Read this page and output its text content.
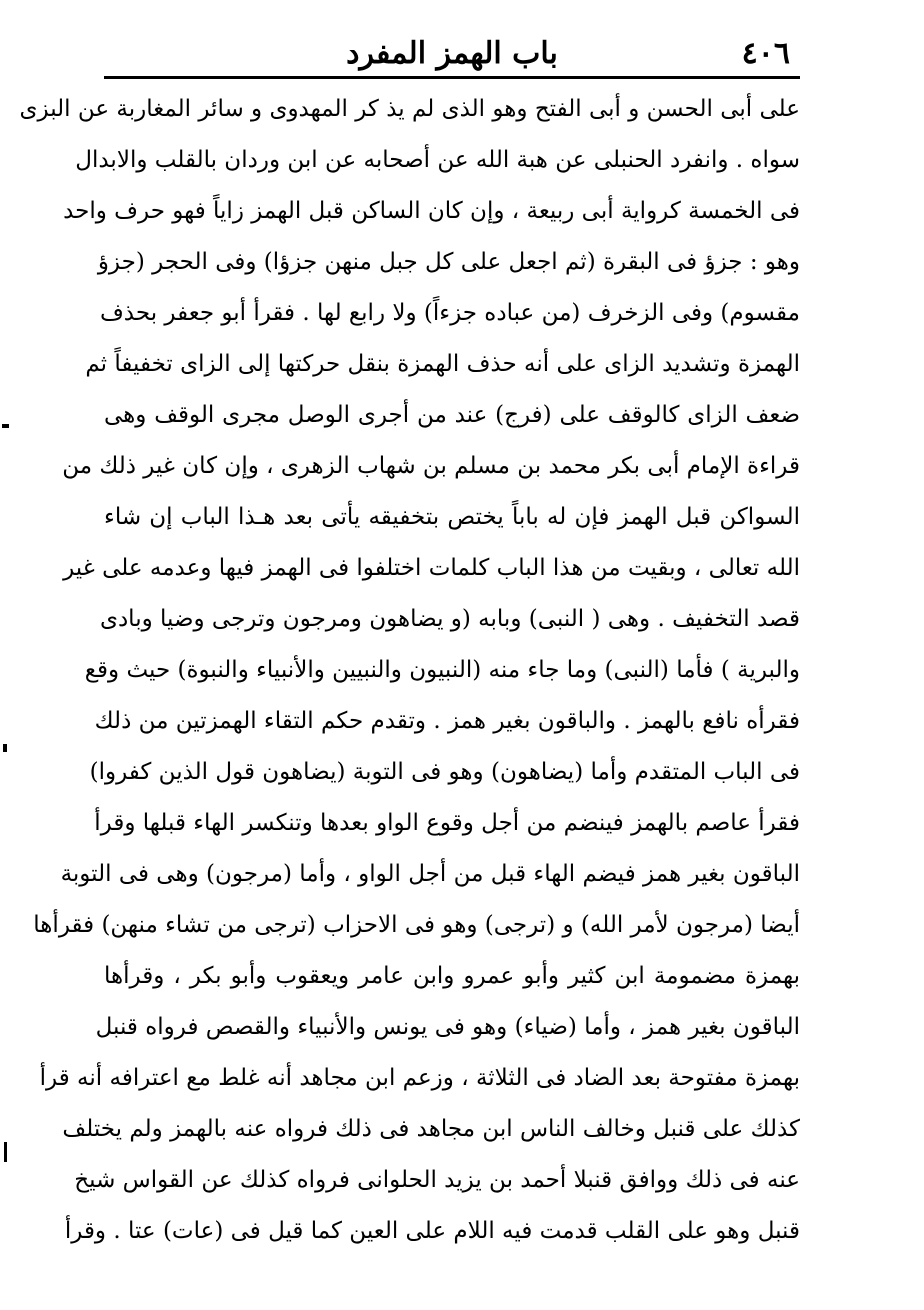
٤٠٦
باب الهمز المفرد
على أبى الحسن و أبى الفتح وهو الذى لم يذ كر المهدوى و سائر المغاربة عن البزى
سواه . وانفرد الحنبلى عن هبة الله عن أصحابه عن ابن وردان بالقلب والابدال
فى الخمسة كرواية أبى ربيعة ، وإن كان الساكن قبل الهمز زاياً فهو حرف واحد
وهو : جزؤ فى البقرة (ثم اجعل على كل جبل منهن جزؤا) وفى الحجر (جزؤ
مقسوم) وفى الزخرف (من عباده جزءاً) ولا رابع لها . فقرأ أبو جعفر بحذف
الهمزة وتشديد الزاى على أنه حذف الهمزة بنقل حركتها إلى الزاى تخفيفاً ثم
ضعف الزاى كالوقف على (فرج) عند من أجرى الوصل مجرى الوقف وهى
قراءة الإمام أبى بكر محمد بن مسلم بن شهاب الزهرى ، وإن كان غير ذلك من
السواكن قبل الهمز فإن له باباً يختص بتخفيقه يأتى بعد هـذا الباب إن شاء
الله تعالى ، وبقيت من هذا الباب كلمات اختلفوا فى الهمز فيها وعدمه على غير
قصد التخفيف . وهى ( النبى) وبابه (و يضاهون ومرجون وترجى وضيا وبادى
والبرية ) فأما (النبى) وما جاء منه (النبيون والنبيين والأنبياء والنبوة) حيث وقع
فقرأه نافع بالهمز . والباقون بغير همز . وتقدم حكم التقاء الهمزتين من ذلك
فى الباب المتقدم وأما (يضاهون) وهو فى التوبة (يضاهون قول الذين كفروا)
فقرأ عاصم بالهمز فينضم من أجل وقوع الواو بعدها وتنكسر الهاء قبلها وقرأ
الباقون بغير همز فيضم الهاء قبل من أجل الواو ، وأما (مرجون) وهى فى التوبة
أيضا (مرجون لأمر الله) و (ترجى) وهو فى الاحزاب (ترجى من تشاء منهن) فقرأها
بهمزة مضمومة ابن كثير وأبو عمرو وابن عامر ويعقوب وأبو بكر ، وقرأها
الباقون بغير همز ، وأما (ضياء) وهو فى يونس والأنبياء والقصص فرواه قنبل
بهمزة مفتوحة بعد الضاد فى الثلاثة ، وزعم ابن مجاهد أنه غلط مع اعترافه أنه قرأ
كذلك على قنبل وخالف الناس ابن مجاهد فى ذلك فرواه عنه بالهمز ولم يختلف
عنه فى ذلك ووافق قنبلا أحمد بن يزيد الحلوانى فرواه كذلك عن القواس شيخ
قنبل وهو على القلب قدمت فيه اللام على العين كما قيل فى (عات) عتا . وقرأ
